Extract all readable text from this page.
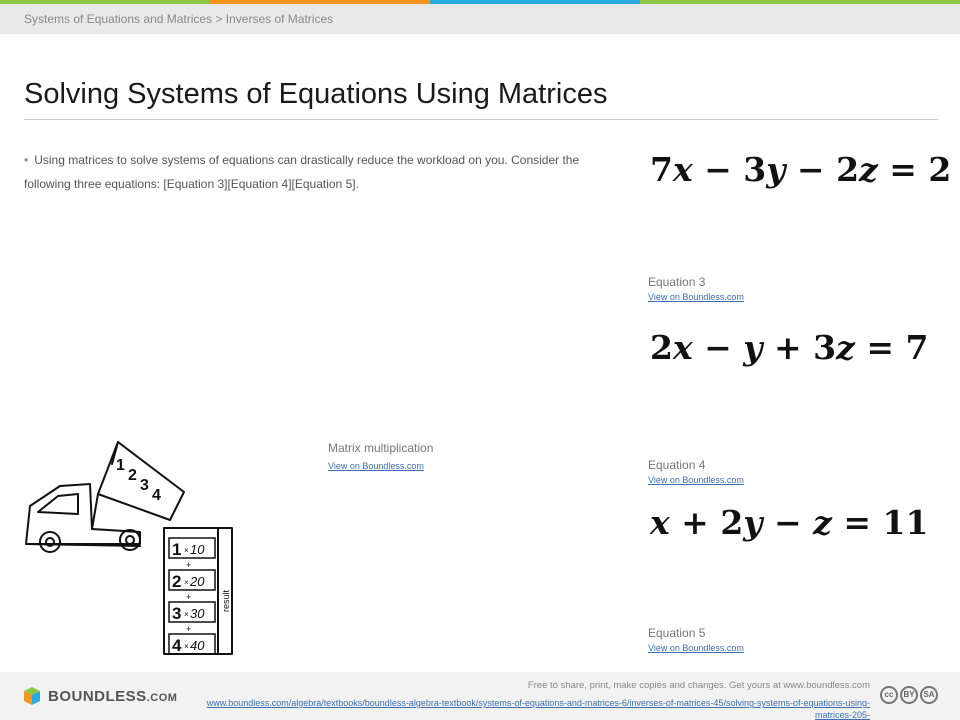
Systems of Equations and Matrices > Inverses of Matrices
Solving Systems of Equations Using Matrices
• Using matrices to solve systems of equations can drastically reduce the workload on you. Consider the following three equations: [Equation 3][Equation 4][Equation 5].	7x − 3y − 2z = 2
Equation 3
View on Boundless.com
2x − y + 3z = 7
Equation 4
View on Boundless.com
x + 2y − z = 11
Equation 5
View on Boundless.com
1
2
3
4
1 × 10
+
2 × 20
+
3 × 30
+
4 × 40
result
Matrix multiplication
View on Boundless.com
BOUNDLESS.COM
Free to share, print, make copies and changes. Get yours at www.boundless.com
www.boundless.com/algebra/textbooks/boundless-algebra-textbook/systems-of-equations-and-matrices-6/inverses-of-matrices-45/solving-systems-of-equations-using-matrices-205-
cc	BY	SA
